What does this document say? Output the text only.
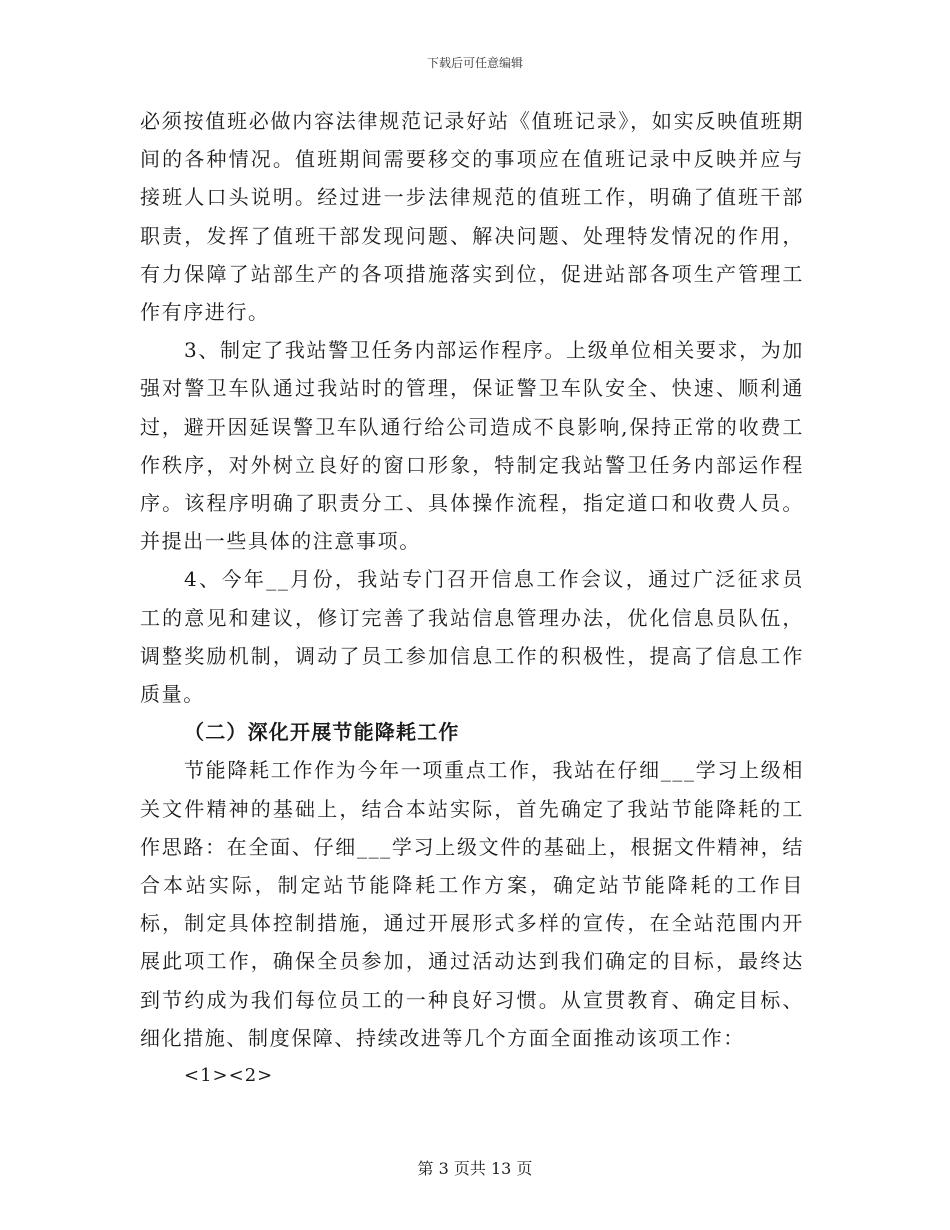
下载后可任意编辑

必须按值班必做内容法律规范记录好站《值班记录》，如实反映值班期间的各种情况。值班期间需要移交的事项应在值班记录中反映并应与接班人口头说明。经过进一步法律规范的值班工作，明确了值班干部职责，发挥了值班干部发现问题、解决问题、处理特发情况的作用，有力保障了站部生产的各项措施落实到位，促进站部各项生产管理工作有序进行。

3、制定了我站警卫任务内部运作程序。上级单位相关要求，为加强对警卫车队通过我站时的管理，保证警卫车队安全、快速、顺利通过，避开因延误警卫车队通行给公司造成不良影响,保持正常的收费工作秩序，对外树立良好的窗口形象，特制定我站警卫任务内部运作程序。该程序明确了职责分工、具体操作流程，指定道口和收费人员。并提出一些具体的注意事项。

4、今年__月份，我站专门召开信息工作会议，通过广泛征求员工的意见和建议，修订完善了我站信息管理办法，优化信息员队伍，调整奖励机制，调动了员工参加信息工作的积极性，提高了信息工作质量。

（二）深化开展节能降耗工作

节能降耗工作作为今年一项重点工作，我站在仔细___学习上级相关文件精神的基础上，结合本站实际，首先确定了我站节能降耗的工作思路：在全面、仔细___学习上级文件的基础上，根据文件精神，结合本站实际，制定站节能降耗工作方案，确定站节能降耗的工作目标，制定具体控制措施，通过开展形式多样的宣传，在全站范围内开展此项工作，确保全员参加，通过活动达到我们确定的目标，最终达到节约成为我们每位员工的一种良好习惯。从宣贯教育、确定目标、细化措施、制度保障、持续改进等几个方面全面推动该项工作：

<1><2>

第 3 页共 13 页
